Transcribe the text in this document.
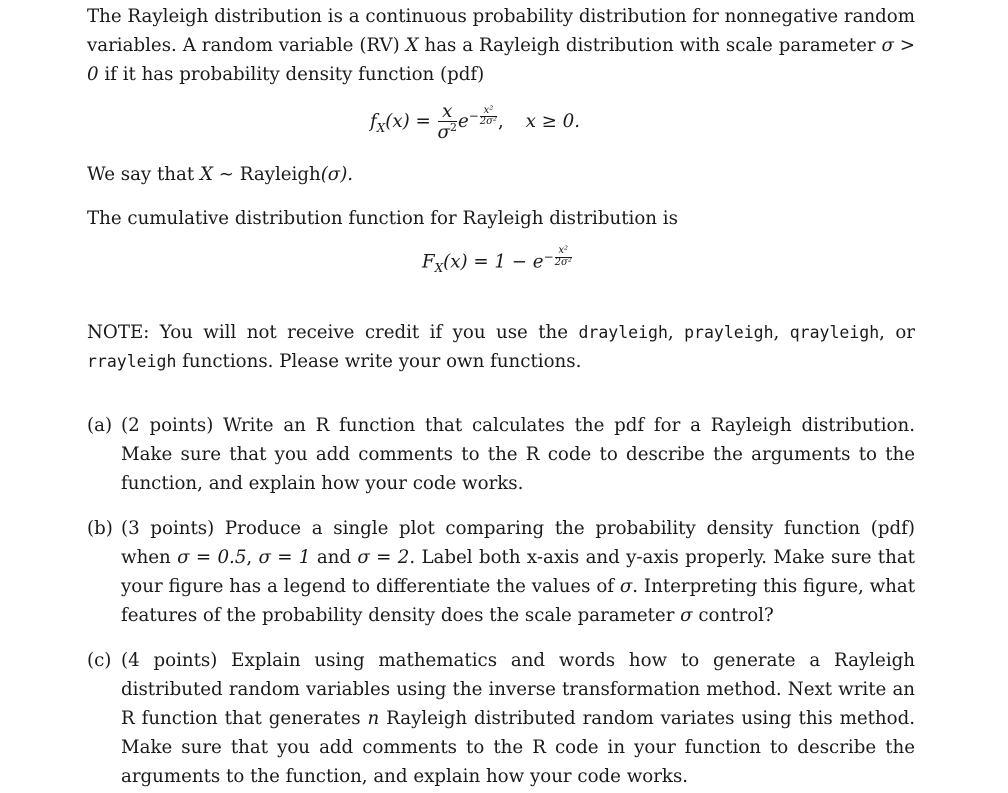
The Rayleigh distribution is a continuous probability distribution for nonnegative random variables. A random variable (RV) X has a Rayleigh distribution with scale parameter σ > 0 if it has probability density function (pdf)

$f_X(x) = \frac{x}{\sigma^2} e^{- \frac{\text{x²}}{\text{2σ²}}}$ , x ≥ 0.

We say that X ∼ Rayleigh(σ).

The cumulative distribution function for Rayleigh distribution is

$F_X(x) = 1 - e^{- \frac{\text{x²}}{\text{2σ²}}}$

NOTE: You will not receive credit if you use the drayleigh, prayleigh, qrayleigh, or rrayleigh functions. Please write your own functions.

(a) (2 points) Write an R function that calculates the pdf for a Rayleigh distribution. Make sure that you add comments to the R code to describe the arguments to the function, and explain how your code works.
(b) (3 points) Produce a single plot comparing the probability density function (pdf) when σ = 0.5, σ = 1 and σ = 2. Label both x-axis and y-axis properly. Make sure that your figure has a legend to differentiate the values of σ. Interpreting this figure, what features of the probability density does the scale parameter σ control?
(c) (4 points) Explain using mathematics and words how to generate a Rayleigh distributed random variables using the inverse transformation method. Next write an R function that generates n Rayleigh distributed random variates using this method. Make sure that you add comments to the R code in your function to describe the arguments to the function, and explain how your code works.
